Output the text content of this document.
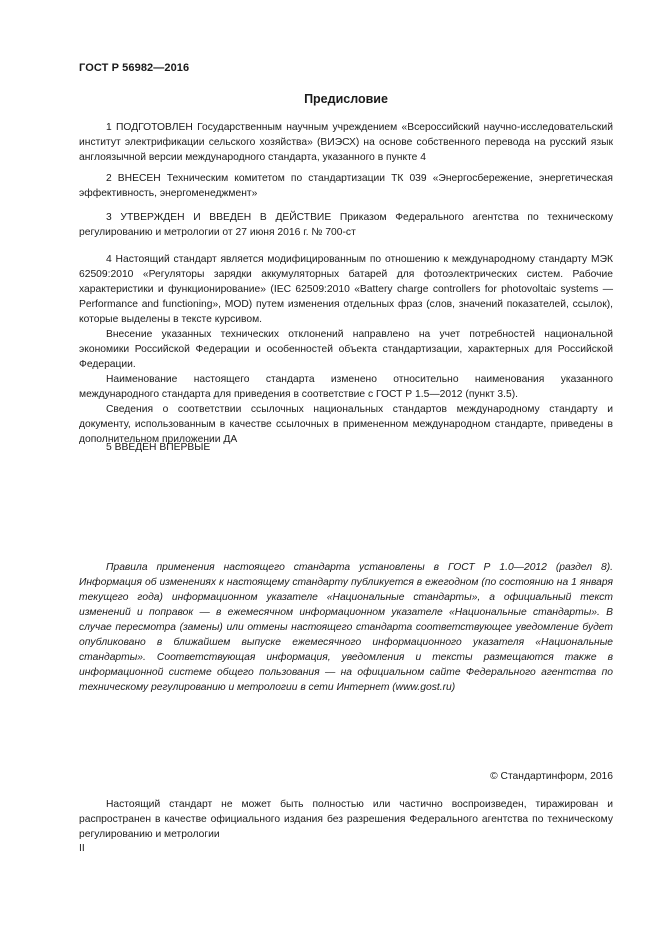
ГОСТ Р 56982—2016
Предисловие

1 ПОДГОТОВЛЕН Государственным научным учреждением «Всероссийский научно-исследовательский институт электрификации сельского хозяйства» (ВИЭСХ) на основе собственного перевода на русский язык англоязычной версии международного стандарта, указанного в пункте 4

2 ВНЕСЕН Техническим комитетом по стандартизации ТК 039 «Энергосбережение, энергетическая эффективность, энергоменеджмент»

3 УТВЕРЖДЕН И ВВЕДЕН В ДЕЙСТВИЕ Приказом Федерального агентства по техническому регулированию и метрологии от 27 июня 2016 г. № 700-ст

4 Настоящий стандарт является модифицированным по отношению к международному стандарту МЭК 62509:2010 «Регуляторы зарядки аккумуляторных батарей для фотоэлектрических систем. Рабочие характеристики и функционирование» (IEC 62509:2010 «Battery charge controllers for photovoltaic systems — Performance and functioning», MOD) путем изменения отдельных фраз (слов, значений показателей, ссылок), которые выделены в тексте курсивом.

Внесение указанных технических отклонений направлено на учет потребностей национальной экономики Российской Федерации и особенностей объекта стандартизации, характерных для Российской Федерации.

Наименование настоящего стандарта изменено относительно наименования указанного международного стандарта для приведения в соответствие с ГОСТ Р 1.5—2012 (пункт 3.5).

Сведения о соответствии ссылочных национальных стандартов международному стандарту и документу, использованным в качестве ссылочных в примененном международном стандарте, приведены в дополнительном приложении ДА

5 ВВЕДЕН ВПЕРВЫЕ

Правила применения настоящего стандарта установлены в ГОСТ Р 1.0—2012 (раздел 8). Информация об изменениях к настоящему стандарту публикуется в ежегодном (по состоянию на 1 января текущего года) информационном указателе «Национальные стандарты», а официальный текст изменений и поправок — в ежемесячном информационном указателе «Национальные стандарты». В случае пересмотра (замены) или отмены настоящего стандарта соответствующее уведомление будет опубликовано в ближайшем выпуске ежемесячного информационного указателя «Национальные стандарты». Соответствующая информация, уведомления и тексты размещаются также в информационной системе общего пользования — на официальном сайте Федерального агентства по техническому регулированию и метрологии в сети Интернет (www.gost.ru)

© Стандартинформ, 2016

Настоящий стандарт не может быть полностью или частично воспроизведен, тиражирован и распространен в качестве официального издания без разрешения Федерального агентства по техническому регулированию и метрологии

II
